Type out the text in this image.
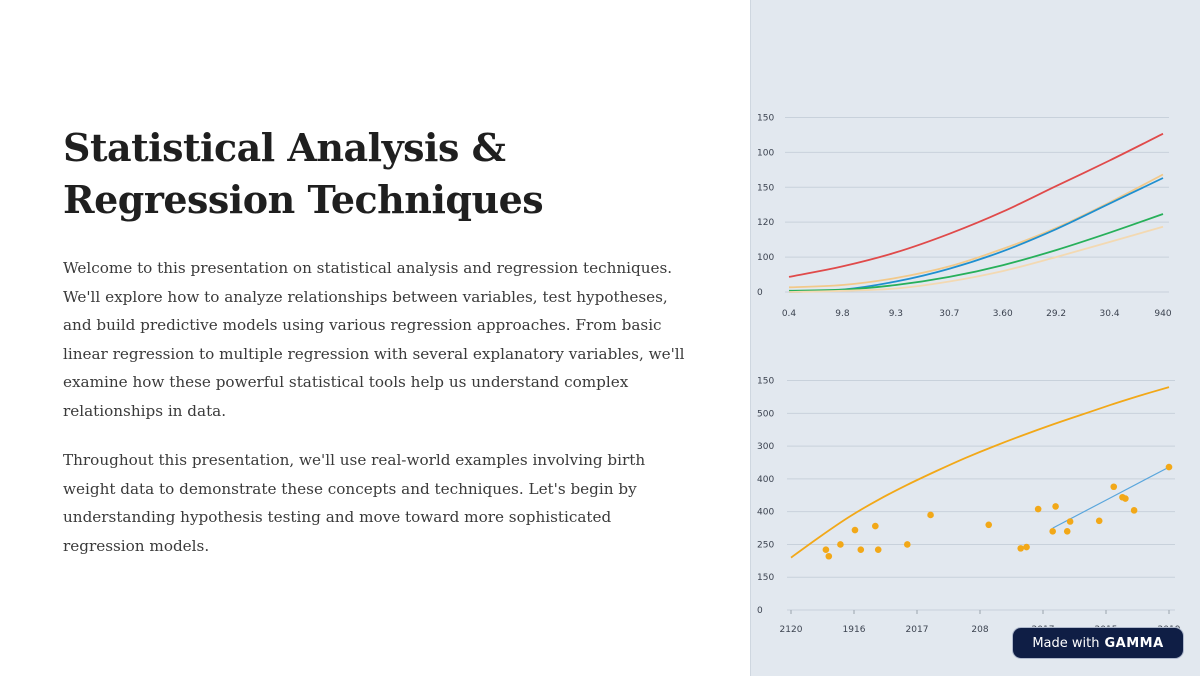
Statistical Analysis &
Regression Techniques

Welcome to this presentation on statistical analysis and regression techniques. We'll explore how to analyze relationships between variables, test hypotheses, and build predictive models using various regression approaches. From basic linear regression to multiple regression with several explanatory variables, we'll examine how these powerful statistical tools help us understand complex relationships in data.

Throughout this presentation, we'll use real-world examples involving birth weight data to demonstrate these concepts and techniques. Let's begin by understanding hypothesis testing and move toward more sophisticated regression models.

0
100
120
150
100
150
0.4	9.8	9.3	30.7	3.60	29.2	30.4	940
0
150
250
400
400
300
500
150
2120	1916	2017	208
Made with GAMMA
